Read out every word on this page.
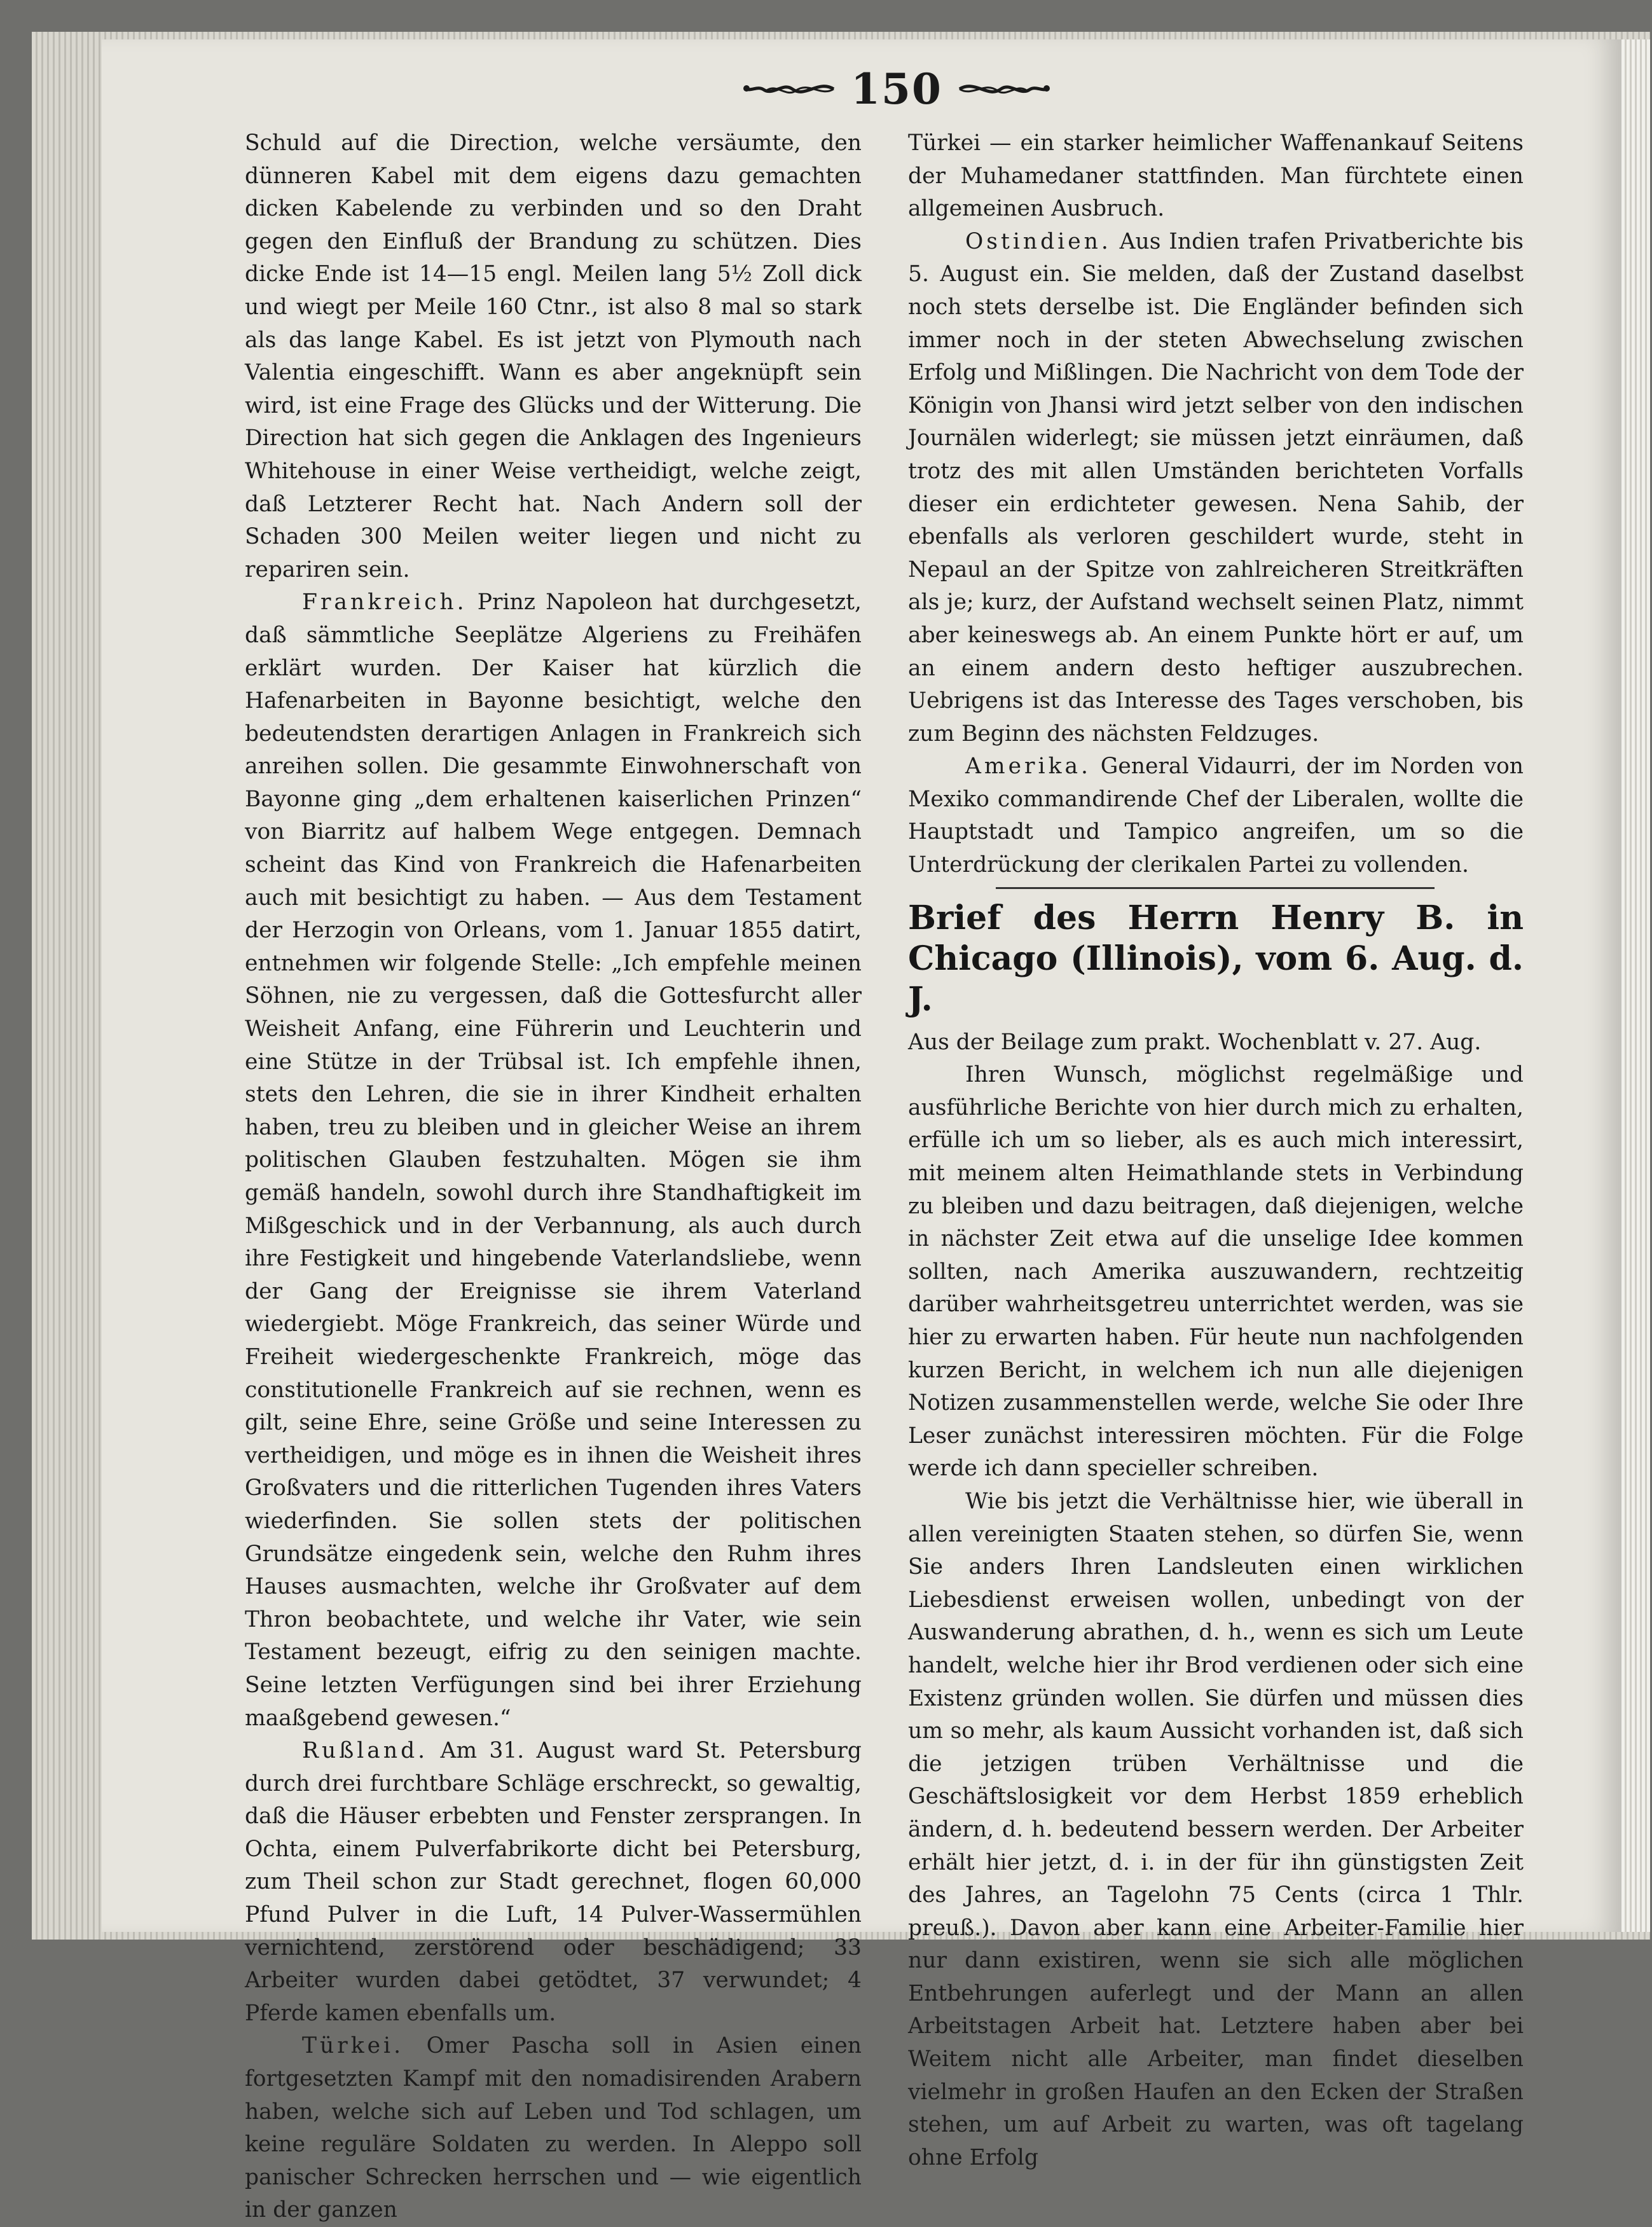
150

Schuld auf die Direction, welche versäumte, den dünneren Kabel mit dem eigens dazu gemachten dicken Kabelende zu verbinden und so den Draht gegen den Einfluß der Brandung zu schützen. Dies dicke Ende ist 14—15 engl. Meilen lang 5½ Zoll dick und wiegt per Meile 160 Ctnr., ist also 8 mal so stark als das lange Kabel. Es ist jetzt von Plymouth nach Valentia eingeschifft. Wann es aber angeknüpft sein wird, ist eine Frage des Glücks und der Witterung. Die Direction hat sich gegen die Anklagen des Ingenieurs Whitehouse in einer Weise vertheidigt, welche zeigt, daß Letzterer Recht hat. Nach Andern soll der Schaden 300 Meilen weiter liegen und nicht zu repariren sein.

Frankreich. Prinz Napoleon hat durchgesetzt, daß sämmtliche Seeplätze Algeriens zu Freihäfen erklärt wurden. Der Kaiser hat kürzlich die Hafenarbeiten in Bayonne besichtigt, welche den bedeutendsten derartigen Anlagen in Frankreich sich anreihen sollen. Die gesammte Einwohnerschaft von Bayonne ging „dem erhaltenen kaiserlichen Prinzen“ von Biarritz auf halbem Wege entgegen. Demnach scheint das Kind von Frankreich die Hafenarbeiten auch mit besichtigt zu haben. — Aus dem Testament der Herzogin von Orleans, vom 1. Januar 1855 datirt, entnehmen wir folgende Stelle: „Ich empfehle meinen Söhnen, nie zu vergessen, daß die Gottesfurcht aller Weisheit Anfang, eine Führerin und Leuchterin und eine Stütze in der Trübsal ist. Ich empfehle ihnen, stets den Lehren, die sie in ihrer Kindheit erhalten haben, treu zu bleiben und in gleicher Weise an ihrem politischen Glauben festzuhalten. Mögen sie ihm gemäß handeln, sowohl durch ihre Standhaftigkeit im Mißgeschick und in der Verbannung, als auch durch ihre Festigkeit und hingebende Vaterlandsliebe, wenn der Gang der Ereignisse sie ihrem Vaterland wiedergiebt. Möge Frankreich, das seiner Würde und Freiheit wiedergeschenkte Frankreich, möge das constitutionelle Frankreich auf sie rechnen, wenn es gilt, seine Ehre, seine Größe und seine Interessen zu vertheidigen, und möge es in ihnen die Weisheit ihres Großvaters und die ritterlichen Tugenden ihres Vaters wiederfinden. Sie sollen stets der politischen Grundsätze eingedenk sein, welche den Ruhm ihres Hauses ausmachten, welche ihr Großvater auf dem Thron beobachtete, und welche ihr Vater, wie sein Testament bezeugt, eifrig zu den seinigen machte. Seine letzten Verfügungen sind bei ihrer Erziehung maaßgebend gewesen.“

Rußland. Am 31. August ward St. Petersburg durch drei furchtbare Schläge erschreckt, so gewaltig, daß die Häuser erbebten und Fenster zersprangen. In Ochta, einem Pulverfabrikorte dicht bei Petersburg, zum Theil schon zur Stadt gerechnet, flogen 60,000 Pfund Pulver in die Luft, 14 Pulver-Wassermühlen vernichtend, zerstörend oder beschädigend; 33 Arbeiter wurden dabei getödtet, 37 verwundet; 4 Pferde kamen ebenfalls um.

Türkei. Omer Pascha soll in Asien einen fortgesetzten Kampf mit den nomadisirenden Arabern haben, welche sich auf Leben und Tod schlagen, um keine reguläre Soldaten zu werden. In Aleppo soll panischer Schrecken herrschen und — wie eigentlich in der ganzen

Türkei — ein starker heimlicher Waffenankauf Seitens der Muhamedaner stattfinden. Man fürchtete einen allgemeinen Ausbruch.

Ostindien. Aus Indien trafen Privatberichte bis 5. August ein. Sie melden, daß der Zustand daselbst noch stets derselbe ist. Die Engländer befinden sich immer noch in der steten Abwechselung zwischen Erfolg und Mißlingen. Die Nachricht von dem Tode der Königin von Jhansi wird jetzt selber von den indischen Journälen widerlegt; sie müssen jetzt einräumen, daß trotz des mit allen Umständen berichteten Vorfalls dieser ein erdichteter gewesen. Nena Sahib, der ebenfalls als verloren geschildert wurde, steht in Nepaul an der Spitze von zahlreicheren Streitkräften als je; kurz, der Aufstand wechselt seinen Platz, nimmt aber keineswegs ab. An einem Punkte hört er auf, um an einem andern desto heftiger auszubrechen. Uebrigens ist das Interesse des Tages verschoben, bis zum Beginn des nächsten Feldzuges.

Amerika. General Vidaurri, der im Norden von Mexiko commandirende Chef der Liberalen, wollte die Hauptstadt und Tampico angreifen, um so die Unterdrückung der clerikalen Partei zu vollenden.

Brief des Herrn Henry B. in Chicago (Illinois), vom 6. Aug. d. J.

Aus der Beilage zum prakt. Wochenblatt v. 27. Aug.

Ihren Wunsch, möglichst regelmäßige und ausführliche Berichte von hier durch mich zu erhalten, erfülle ich um so lieber, als es auch mich interessirt, mit meinem alten Heimathlande stets in Verbindung zu bleiben und dazu beitragen, daß diejenigen, welche in nächster Zeit etwa auf die unselige Idee kommen sollten, nach Amerika auszuwandern, rechtzeitig darüber wahrheitsgetreu unterrichtet werden, was sie hier zu erwarten haben. Für heute nun nachfolgenden kurzen Bericht, in welchem ich nun alle diejenigen Notizen zusammenstellen werde, welche Sie oder Ihre Leser zunächst interessiren möchten. Für die Folge werde ich dann specieller schreiben.

Wie bis jetzt die Verhältnisse hier, wie überall in allen vereinigten Staaten stehen, so dürfen Sie, wenn Sie anders Ihren Landsleuten einen wirklichen Liebesdienst erweisen wollen, unbedingt von der Auswanderung abrathen, d. h., wenn es sich um Leute handelt, welche hier ihr Brod verdienen oder sich eine Existenz gründen wollen. Sie dürfen und müssen dies um so mehr, als kaum Aussicht vorhanden ist, daß sich die jetzigen trüben Verhältnisse und die Geschäftslosigkeit vor dem Herbst 1859 erheblich ändern, d. h. bedeutend bessern werden. Der Arbeiter erhält hier jetzt, d. i. in der für ihn günstigsten Zeit des Jahres, an Tagelohn 75 Cents (circa 1 Thlr. preuß.). Davon aber kann eine Arbeiter-Familie hier nur dann existiren, wenn sie sich alle möglichen Entbehrungen auferlegt und der Mann an allen Arbeitstagen Arbeit hat. Letztere haben aber bei Weitem nicht alle Arbeiter, man findet dieselben vielmehr in großen Haufen an den Ecken der Straßen stehen, um auf Arbeit zu warten, was oft tagelang ohne Erfolg
